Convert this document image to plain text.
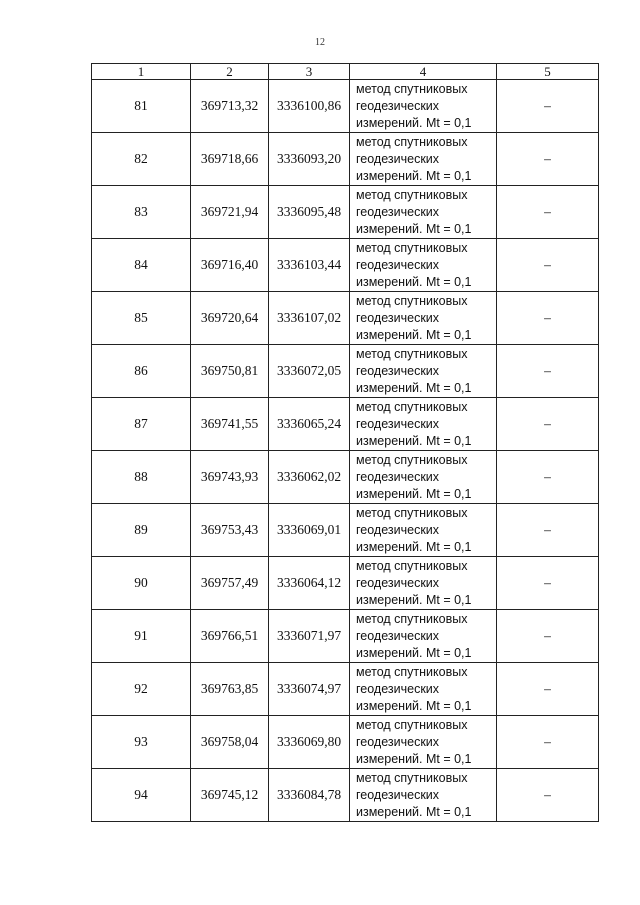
12
1	2	3	4	5
81	369713,32	3336100,86	метод спутниковых
геодезических
измерений. Mt = 0,1	–
82	369718,66	3336093,20	метод спутниковых
геодезических
измерений. Mt = 0,1	–
83	369721,94	3336095,48	метод спутниковых
геодезических
измерений. Mt = 0,1	–
84	369716,40	3336103,44	метод спутниковых
геодезических
измерений. Mt = 0,1	–
85	369720,64	3336107,02	метод спутниковых
геодезических
измерений. Mt = 0,1	–
86	369750,81	3336072,05	метод спутниковых
геодезических
измерений. Mt = 0,1	–
87	369741,55	3336065,24	метод спутниковых
геодезических
измерений. Mt = 0,1	–
88	369743,93	3336062,02	метод спутниковых
геодезических
измерений. Mt = 0,1	–
89	369753,43	3336069,01	метод спутниковых
геодезических
измерений. Mt = 0,1	–
90	369757,49	3336064,12	метод спутниковых
геодезических
измерений. Mt = 0,1	–
91	369766,51	3336071,97	метод спутниковых
геодезических
измерений. Mt = 0,1	–
92	369763,85	3336074,97	метод спутниковых
геодезических
измерений. Mt = 0,1	–
93	369758,04	3336069,80	метод спутниковых
геодезических
измерений. Mt = 0,1	–
94	369745,12	3336084,78	метод спутниковых
геодезических
измерений. Mt = 0,1	–
